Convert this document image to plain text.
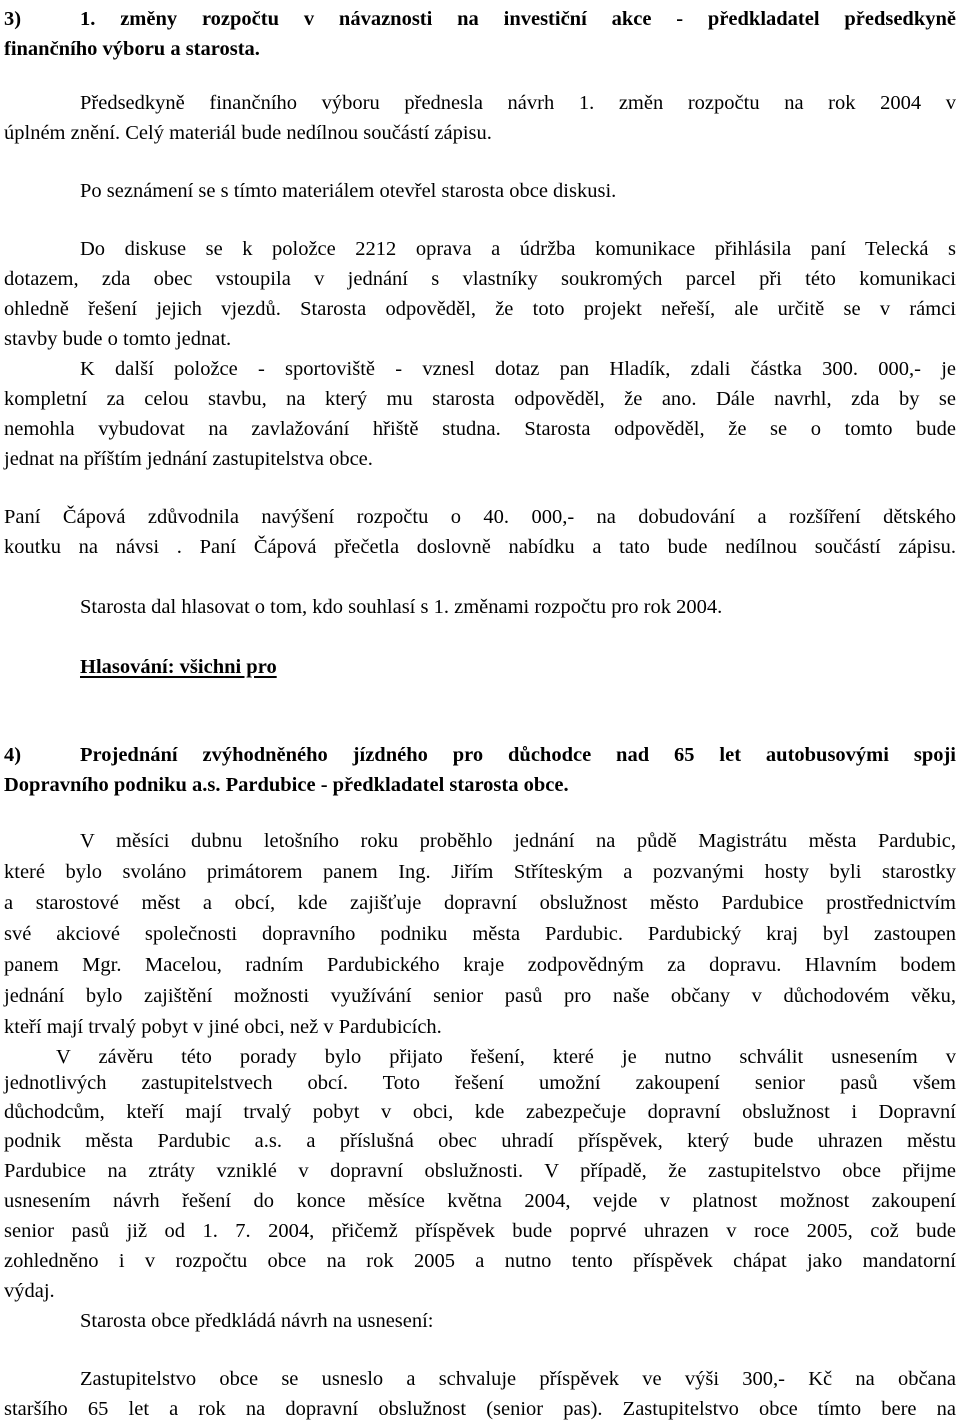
3)	1. změny rozpočtu v návaznosti na investiční akce - předkladatel předsedkyně
finančního výboru a starosta.
Předsedkyně finančního výboru přednesla návrh 1. změn rozpočtu na rok 2004 v
úplném znění. Celý materiál bude nedílnou součástí zápisu.
Po seznámení se s tímto materiálem otevřel starosta obce diskusi.
Do diskuse se k položce 2212 oprava a údržba komunikace přihlásila paní Telecká s
dotazem, zda obec vstoupila v jednání s vlastníky soukromých parcel při této komunikaci
ohledně řešení jejich vjezdů. Starosta odpověděl, že toto projekt neřeší, ale určitě se v rámci
stavby bude o tomto jednat.
K další položce - sportoviště - vznesl dotaz pan Hladík, zdali částka 300. 000,- je
kompletní za celou stavbu, na který mu starosta odpověděl, že ano. Dále navrhl, zda by se
nemohla vybudovat na zavlažování hřiště studna. Starosta odpověděl, že se o tomto bude
jednat na příštím jednání zastupitelstva obce.
Paní Čápová zdůvodnila navýšení rozpočtu o 40. 000,- na dobudování a rozšíření dětského
koutku na návsi . Paní Čápová přečetla doslovně nabídku a tato bude nedílnou součástí zápisu.
Starosta dal hlasovat o tom, kdo souhlasí s 1. změnami rozpočtu pro rok 2004.
Hlasování: všichni pro
4)	Projednání zvýhodněného jízdného pro důchodce nad 65 let autobusovými spoji
Dopravního podniku a.s. Pardubice - předkladatel starosta obce.
V měsíci dubnu letošního roku proběhlo jednání na půdě Magistrátu města Pardubic,
které bylo svoláno primátorem panem Ing. Jiřím Stříteským a pozvanými hosty byli starostky
a starostové měst a obcí, kde zajišťuje dopravní obslužnost město Pardubice prostřednictvím
své akciové společnosti dopravního podniku města Pardubic. Pardubický kraj byl zastoupen
panem Mgr. Macelou, radním Pardubického kraje zodpovědným za dopravu. Hlavním bodem
jednání bylo zajištění možnosti využívání senior pasů pro naše občany v důchodovém věku,
kteří mají trvalý pobyt v jiné obci, než v Pardubicích.
V závěru této porady bylo přijato řešení, které je nutno schválit usnesením v
jednotlivých zastupitelstvech obcí. Toto řešení umožní zakoupení senior pasů všem
důchodcům, kteří mají trvalý pobyt v obci, kde zabezpečuje dopravní obslužnost i Dopravní
podnik města Pardubic a.s. a příslušná obec uhradí příspěvek, který bude uhrazen městu
Pardubice na ztráty vzniklé v dopravní obslužnosti. V případě, že zastupitelstvo obce přijme
usnesením návrh řešení do konce měsíce května 2004, vejde v platnost možnost zakoupení
senior pasů již od 1. 7. 2004, přičemž příspěvek bude poprvé uhrazen v roce 2005, což bude
zohledněno i v rozpočtu obce na rok 2005 a nutno tento příspěvek chápat jako mandatorní
výdaj.
Starosta obce předkládá návrh na usnesení:
Zastupitelstvo obce se usneslo a schvaluje příspěvek ve výši 300,- Kč na občana
staršího 65 let a rok na dopravní obslužnost (senior pas). Zastupitelstvo obce tímto bere na
